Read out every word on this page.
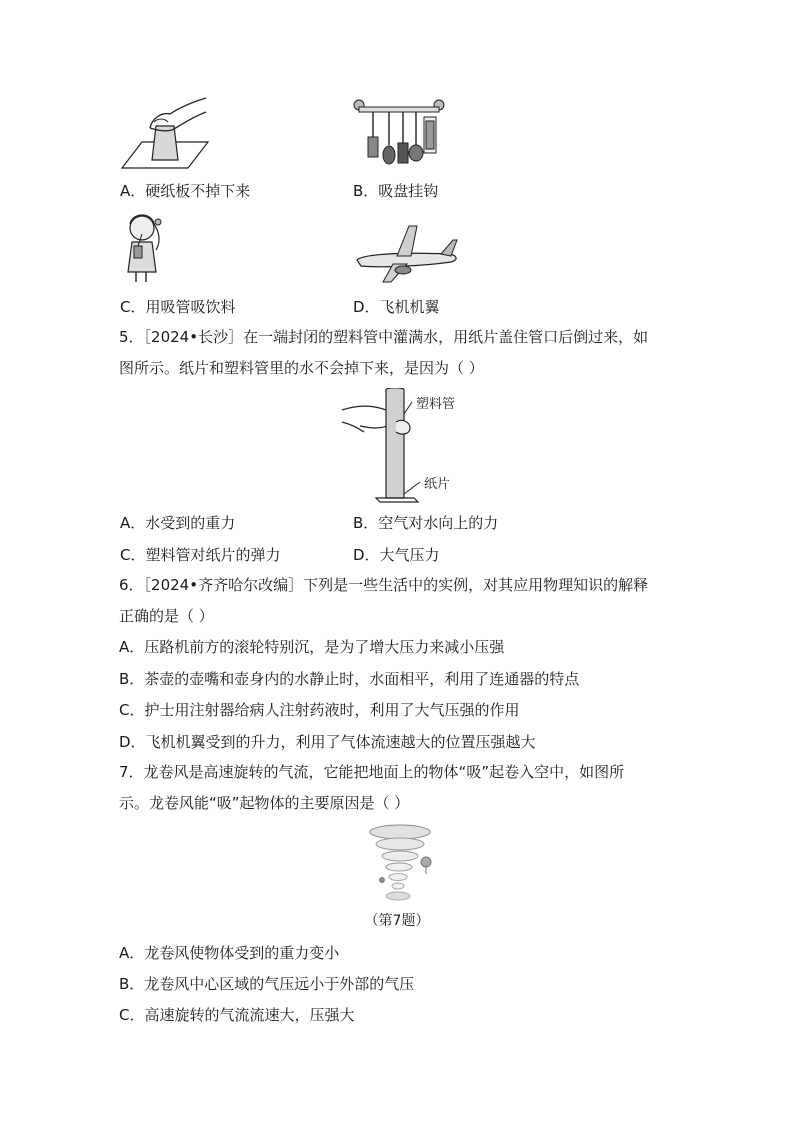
A．硬纸板不掉下来	B．吸盘挂钩
C．用吸管吸饮料	D．飞机机翼
5．［2024•长沙］在一端封闭的塑料管中灌满水，用纸片盖住管口后倒过来，如
图所示。纸片和塑料管里的水不会掉下来，是因为（ ）
塑料管
纸片
A．水受到的重力	B．空气对水向上的力
C．塑料管对纸片的弹力	D．大气压力
6．［2024•齐齐哈尔改编］下列是一些生活中的实例，对其应用物理知识的解释
正确的是（ ）
A．压路机前方的滚轮特别沉，是为了增大压力来减小压强
B．茶壶的壶嘴和壶身内的水静止时，水面相平，利用了连通器的特点
C．护士用注射器给病人注射药液时，利用了大气压强的作用
D．飞机机翼受到的升力，利用了气体流速越大的位置压强越大
7．龙卷风是高速旋转的气流，它能把地面上的物体“吸”起卷入空中，如图所
示。龙卷风能“吸”起物体的主要原因是（ ）
（第7题）
A．龙卷风使物体受到的重力变小
B．龙卷风中心区域的气压远小于外部的气压
C．高速旋转的气流流速大，压强大
